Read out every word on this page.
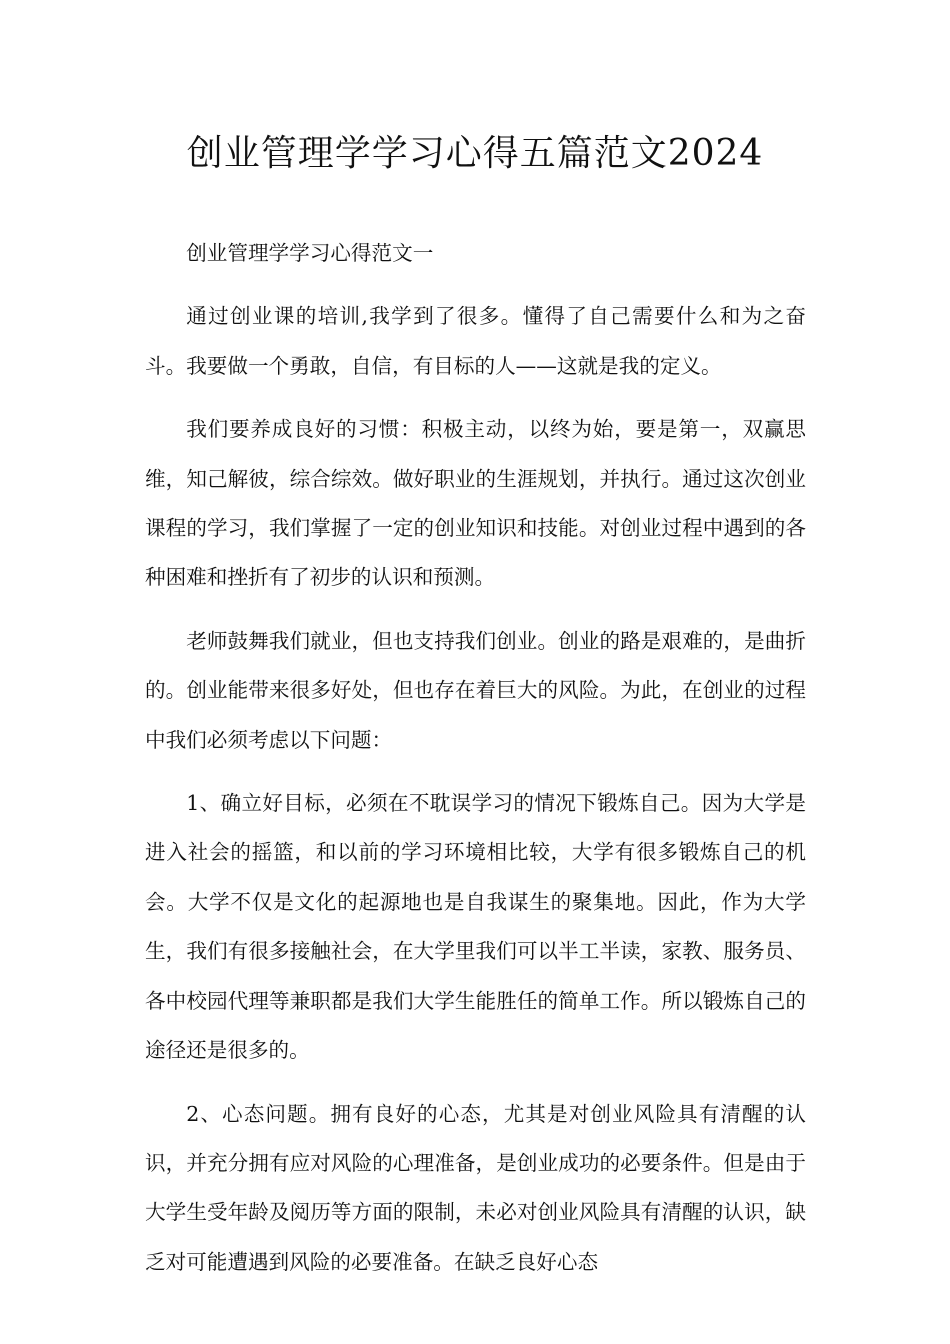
创业管理学学习心得五篇范文2024

创业管理学学习心得范文一

通过创业课的培训,我学到了很多。懂得了自己需要什么和为之奋斗。我要做一个勇敢，自信，有目标的人——这就是我的定义。

我们要养成良好的习惯：积极主动，以终为始，要是第一，双赢思维，知己解彼，综合综效。做好职业的生涯规划，并执行。通过这次创业课程的学习，我们掌握了一定的创业知识和技能。对创业过程中遇到的各种困难和挫折有了初步的认识和预测。

老师鼓舞我们就业，但也支持我们创业。创业的路是艰难的，是曲折的。创业能带来很多好处，但也存在着巨大的风险。为此，在创业的过程中我们必须考虑以下问题：

1、确立好目标，必须在不耽误学习的情况下锻炼自己。因为大学是进入社会的摇篮，和以前的学习环境相比较，大学有很多锻炼自己的机会。大学不仅是文化的起源地也是自我谋生的聚集地。因此，作为大学生，我们有很多接触社会，在大学里我们可以半工半读，家教、服务员、各中校园代理等兼职都是我们大学生能胜任的简单工作。所以锻炼自己的途径还是很多的。

2、心态问题。拥有良好的心态，尤其是对创业风险具有清醒的认识，并充分拥有应对风险的心理准备，是创业成功的必要条件。但是由于大学生受年龄及阅历等方面的限制，未必对创业风险具有清醒的认识，缺乏对可能遭遇到风险的必要准备。在缺乏良好心态
